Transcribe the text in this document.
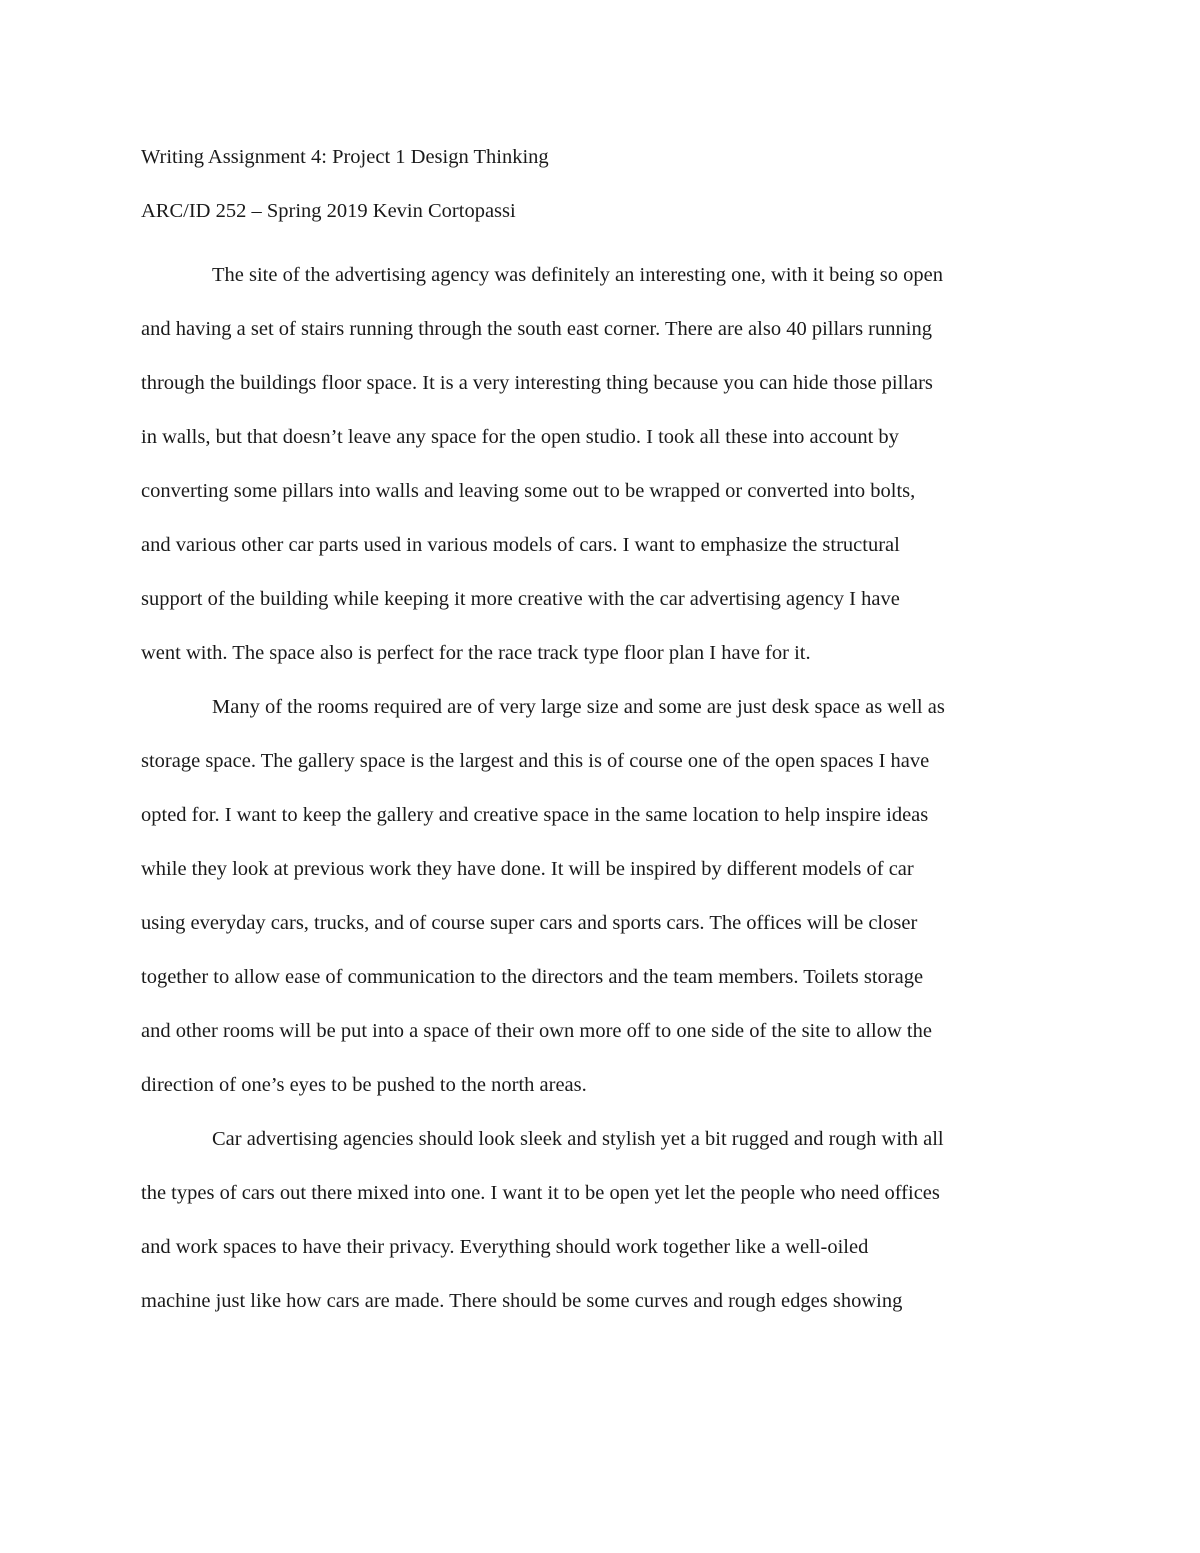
Writing Assignment 4: Project 1 Design Thinking
ARC/ID 252 – Spring 2019 Kevin Cortopassi
The site of the advertising agency was definitely an interesting one, with it being so open
and having a set of stairs running through the south east corner. There are also 40 pillars running
through the buildings floor space. It is a very interesting thing because you can hide those pillars
in walls, but that doesn’t leave any space for the open studio. I took all these into account by
converting some pillars into walls and leaving some out to be wrapped or converted into bolts,
and various other car parts used in various models of cars. I want to emphasize the structural
support of the building while keeping it more creative with the car advertising agency I have
went with. The space also is perfect for the race track type floor plan I have for it.
Many of the rooms required are of very large size and some are just desk space as well as
storage space. The gallery space is the largest and this is of course one of the open spaces I have
opted for. I want to keep the gallery and creative space in the same location to help inspire ideas
while they look at previous work they have done. It will be inspired by different models of car
using everyday cars, trucks, and of course super cars and sports cars. The offices will be closer
together to allow ease of communication to the directors and the team members. Toilets storage
and other rooms will be put into a space of their own more off to one side of the site to allow the
direction of one’s eyes to be pushed to the north areas.
Car advertising agencies should look sleek and stylish yet a bit rugged and rough with all
the types of cars out there mixed into one. I want it to be open yet let the people who need offices
and work spaces to have their privacy. Everything should work together like a well-oiled
machine just like how cars are made. There should be some curves and rough edges showing
